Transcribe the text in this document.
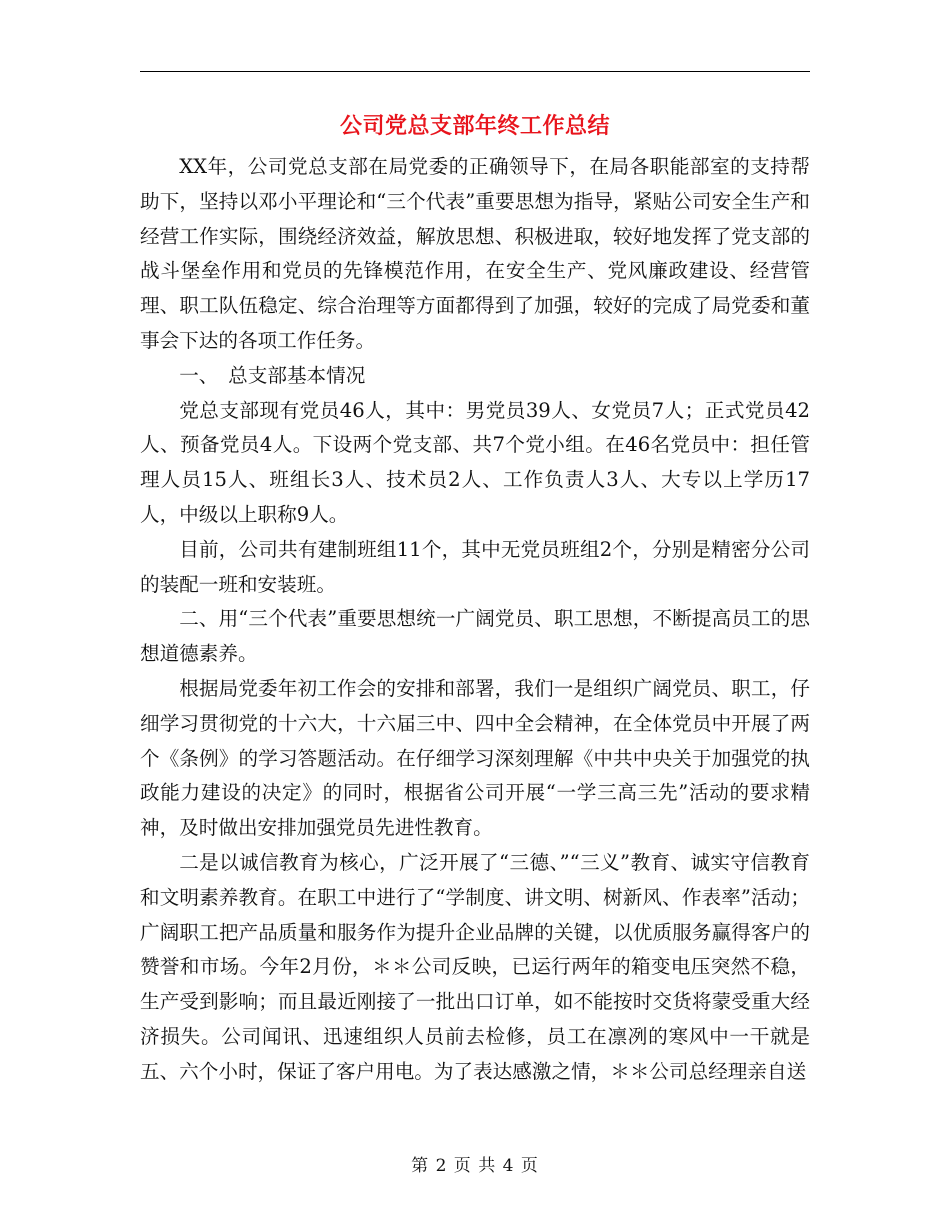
公司党总支部年终工作总结

XX年，公司党总支部在局党委的正确领导下，在局各职能部室的支持帮助下，坚持以邓小平理论和“三个代表”重要思想为指导，紧贴公司安全生产和经营工作实际，围绕经济效益，解放思想、积极进取，较好地发挥了党支部的战斗堡垒作用和党员的先锋模范作用，在安全生产、党风廉政建设、经营管理、职工队伍稳定、综合治理等方面都得到了加强，较好的完成了局党委和董事会下达的各项工作任务。

一、　总支部基本情况

党总支部现有党员46人，其中：男党员39人、女党员7人；正式党员42人、预备党员4人。下设两个党支部、共7个党小组。在46名党员中：担任管理人员15人、班组长3人、技术员2人、工作负责人3人、大专以上学历17人，中级以上职称9人。

目前，公司共有建制班组11个，其中无党员班组2个，分别是精密分公司的装配一班和安装班。

二、用“三个代表”重要思想统一广阔党员、职工思想，不断提高员工的思想道德素养。

根据局党委年初工作会的安排和部署，我们一是组织广阔党员、职工，仔细学习贯彻党的十六大，十六届三中、四中全会精神，在全体党员中开展了两个《条例》的学习答题活动。在仔细学习深刻理解《中共中央关于加强党的执政能力建设的决定》的同时，根据省公司开展“一学三高三先”活动的要求精神，及时做出安排加强党员先进性教育。

二是以诚信教育为核心，广泛开展了“三德、”“三义”教育、诚实守信教育和文明素养教育。在职工中进行了“学制度、讲文明、树新风、作表率”活动；广阔职工把产品质量和服务作为提升企业品牌的关键，以优质服务赢得客户的赞誉和市场。今年2月份，＊＊公司反映，已运行两年的箱变电压突然不稳，生产受到影响；而且最近刚接了一批出口订单，如不能按时交货将蒙受重大经济损失。公司闻讯、迅速组织人员前去检修，员工在凛冽的寒风中一干就是五、六个小时，保证了客户用电。为了表达感激之情，＊＊公司总经理亲自送

第 2 页 共 4 页
